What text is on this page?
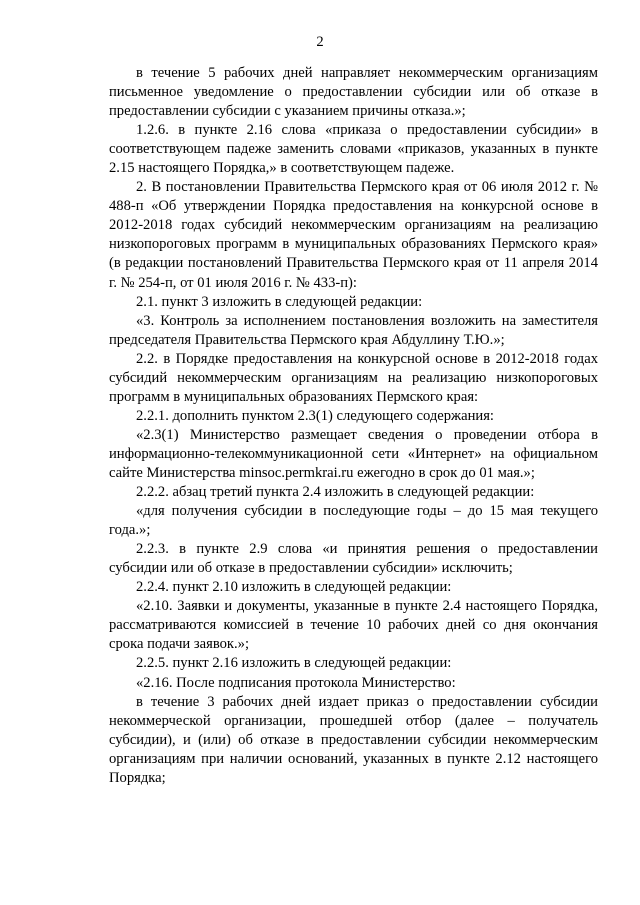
2

в течение 5 рабочих дней направляет некоммерческим организациям письменное уведомление о предоставлении субсидии или об отказе в предоставлении субсидии с указанием причины отказа.»;

1.2.6. в пункте 2.16 слова «приказа о предоставлении субсидии» в соответствующем падеже заменить словами «приказов, указанных в пункте 2.15 настоящего Порядка,» в соответствующем падеже.

2. В постановлении Правительства Пермского края от 06 июля 2012 г. № 488-п «Об утверждении Порядка предоставления на конкурсной основе в 2012-2018 годах субсидий некоммерческим организациям на реализацию низкопороговых программ в муниципальных образованиях Пермского края» (в редакции постановлений Правительства Пермского края от 11 апреля 2014 г. № 254-п, от 01 июля 2016 г. № 433-п):

2.1. пункт 3 изложить в следующей редакции:

«3. Контроль за исполнением постановления возложить на заместителя председателя Правительства Пермского края Абдуллину Т.Ю.»;

2.2. в Порядке предоставления на конкурсной основе в 2012-2018 годах субсидий некоммерческим организациям на реализацию низкопороговых программ в муниципальных образованиях Пермского края:

2.2.1. дополнить пунктом 2.3(1) следующего содержания:

«2.3(1) Министерство размещает сведения о проведении отбора в информационно-телекоммуникационной сети «Интернет» на официальном сайте Министерства minsoc.permkrai.ru ежегодно в срок до 01 мая.»;

2.2.2. абзац третий пункта 2.4 изложить в следующей редакции:

«для получения субсидии в последующие годы – до 15 мая текущего года.»;

2.2.3. в пункте 2.9 слова «и принятия решения о предоставлении субсидии или об отказе в предоставлении субсидии» исключить;

2.2.4. пункт 2.10 изложить в следующей редакции:

«2.10. Заявки и документы, указанные в пункте 2.4 настоящего Порядка, рассматриваются комиссией в течение 10 рабочих дней со дня окончания срока подачи заявок.»;

2.2.5. пункт 2.16 изложить в следующей редакции:

«2.16. После подписания протокола Министерство:

в течение 3 рабочих дней издает приказ о предоставлении субсидии некоммерческой организации, прошедшей отбор (далее – получатель субсидии), и (или) об отказе в предоставлении субсидии некоммерческим организациям при наличии оснований, указанных в пункте 2.12 настоящего Порядка;
